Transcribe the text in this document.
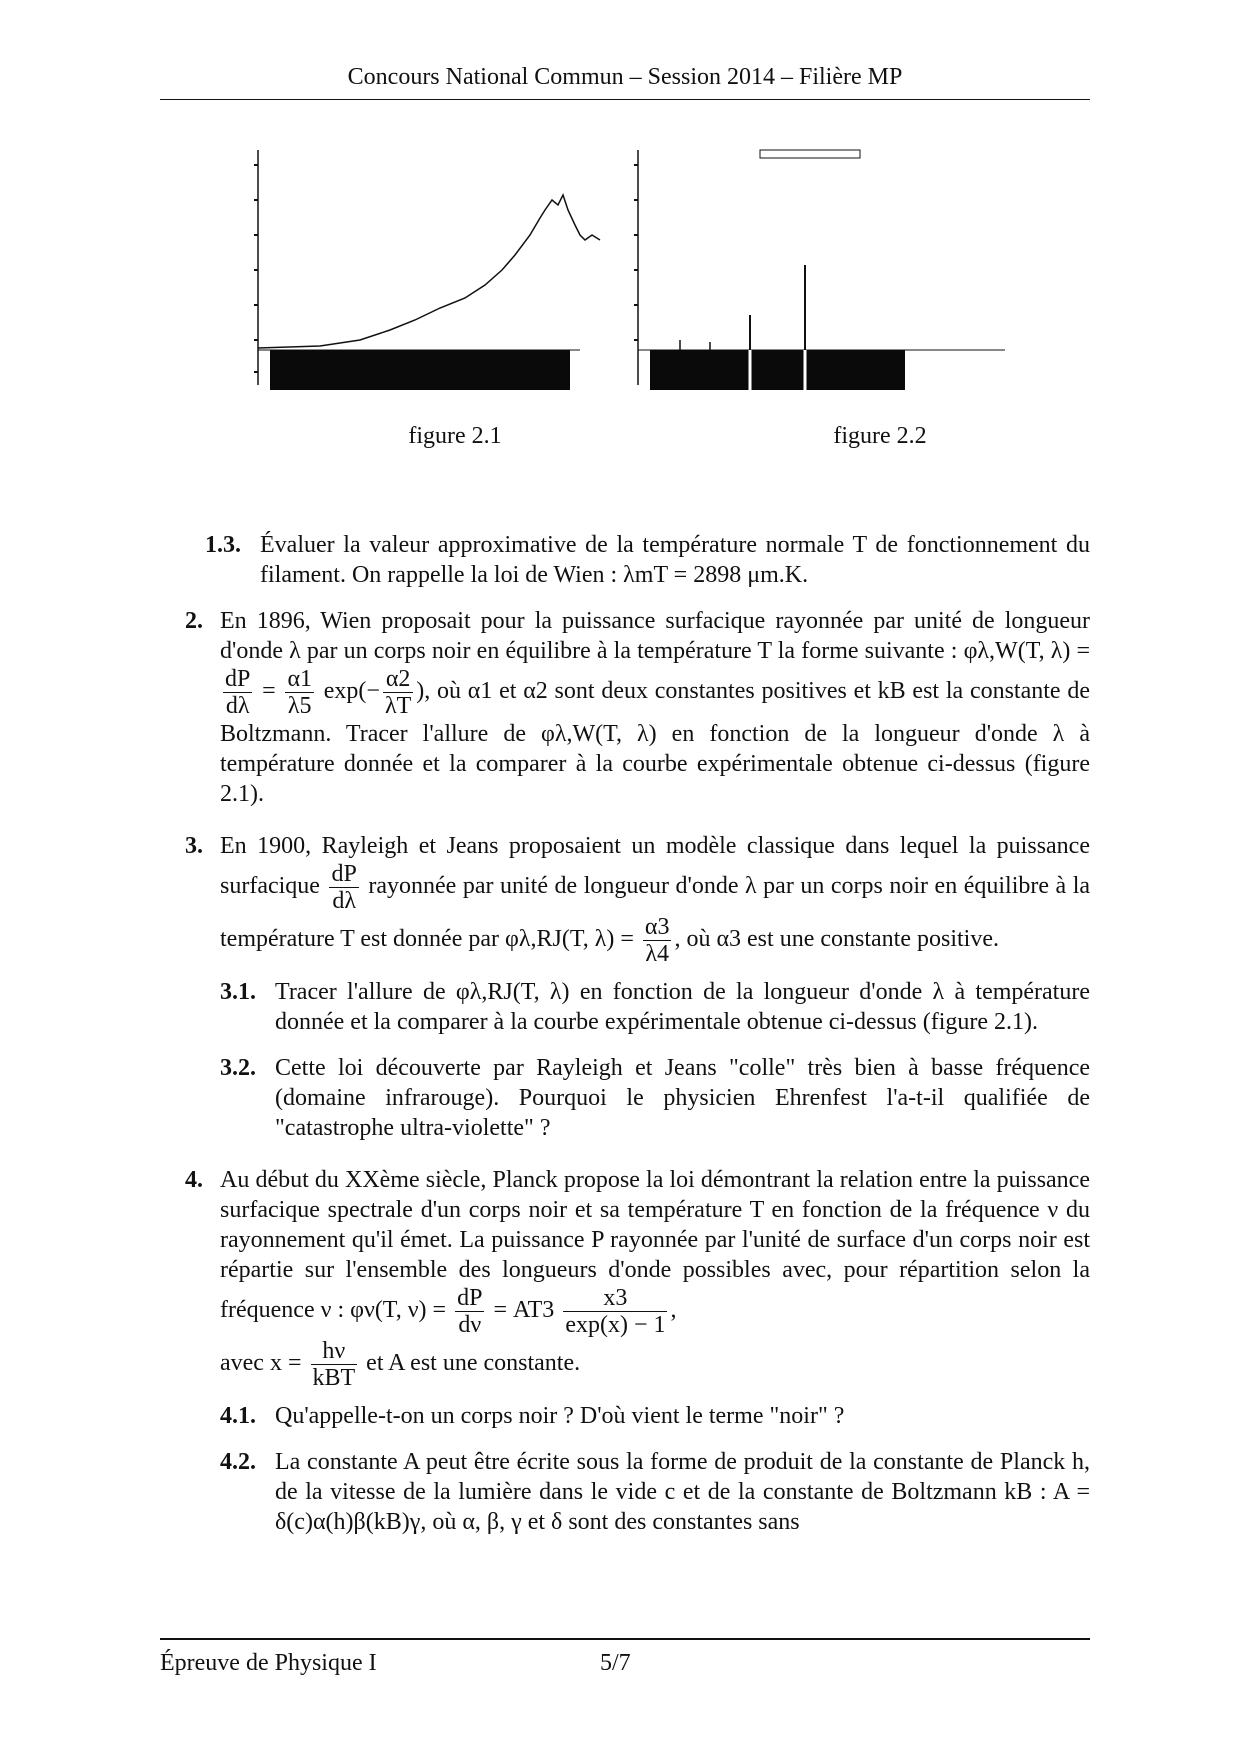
Concours National Commun – Session 2014 – Filière MP
figure 2.1	figure 2.2
1.3. Évaluer la valeur approximative de la température normale T de fonctionnement du filament. On rappelle la loi de Wien : λmT = 2898 μm.K.
2. En 1896, Wien proposait pour la puissance surfacique rayonnée par unité de longueur d'onde λ par un corps noir en équilibre à la température T la forme suivante : φλ,W(T, λ) =
$\frac{dP}{d\lambda} = \frac{\alpha 1}{\lambda 5} \exp(- \frac{\alpha 2}{\lambda T}$ ), où α1 et α2 sont deux constantes positives et kB est la constante de Boltzmann. Tracer l'allure de φλ,W(T, λ) en fonction de la longueur d'onde λ à température donnée et la comparer à la courbe expérimentale obtenue ci-dessus (figure 2.1).
3. En 1900, Rayleigh et Jeans proposaient un modèle classique dans lequel la puissance surfacique $\frac{dP}{d\lambda}$ rayonnée par unité de longueur d'onde λ par un corps noir en équilibre à la température T est donnée par φλ,RJ(T, $\lambda) = \frac{\alpha 3}{\lambda 4}$ , où α3 est une constante positive.
3.1. Tracer l'allure de φλ,RJ(T, λ) en fonction de la longueur d'onde λ à température donnée et la comparer à la courbe expérimentale obtenue ci-dessus (figure 2.1).
3.2. Cette loi découverte par Rayleigh et Jeans "colle" très bien à basse fréquence (domaine infrarouge). Pourquoi le physicien Ehrenfest l'a-t-il qualifiée de "catastrophe ultra-violette" ?
4. Au début du XXème siècle, Planck propose la loi démontrant la relation entre la puissance surfacique spectrale d'un corps noir et sa température T en fonction de la fréquence ν du rayonnement qu'il émet. La puissance P rayonnée par l'unité de surface d'un corps noir est répartie sur l'ensemble des longueurs d'onde possibles avec, pour répartition selon la fréquence ν : φν(T, $\nu) = \frac{dP}{d\nu} = AT3 \frac{x3}{\exp(x) - 1}$ ,
avec $x = \frac{h\nu}{\text{kBT}}$ et A est une constante.
4.1. Qu'appelle-t-on un corps noir ? D'où vient le terme "noir" ?
4.2. La constante A peut être écrite sous la forme de produit de la constante de Planck h, de la vitesse de la lumière dans le vide c et de la constante de Boltzmann kB : A = δ(c)α(h)β(kB)γ, où α, β, γ et δ sont des constantes sans
Épreuve de Physique I	5/7
